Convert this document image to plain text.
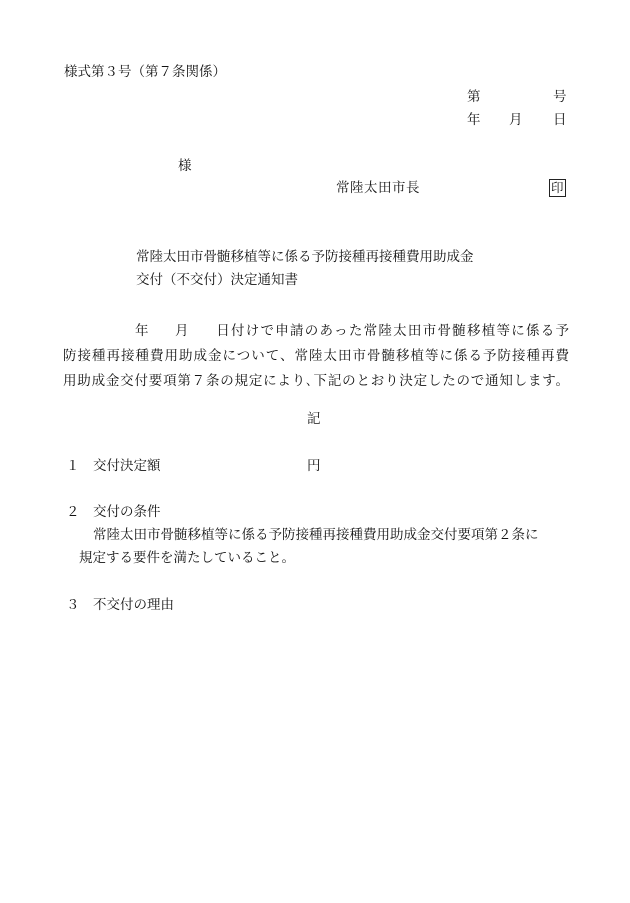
様式第３号（第７条関係）
第	号
年 月 日
様
常陸太田市長	印
常陸太田市骨髄移植等に係る予防接種再接種費用助成金
交付（不交付）決定通知書
年 月 日付けで申請のあった常陸太田市骨髄移植等に係る予
防接種再接種費用助成金について、常陸太田市骨髄移植等に係る予防接種再費
用助成金交付要項第７条の規定により､下記のとおり決定したので通知します。
記
１ 交付決定額	円
２ 交付の条件
常陸太田市骨髄移植等に係る予防接種再接種費用助成金交付要項第２条に
規定する要件を満たしていること。
３ 不交付の理由
